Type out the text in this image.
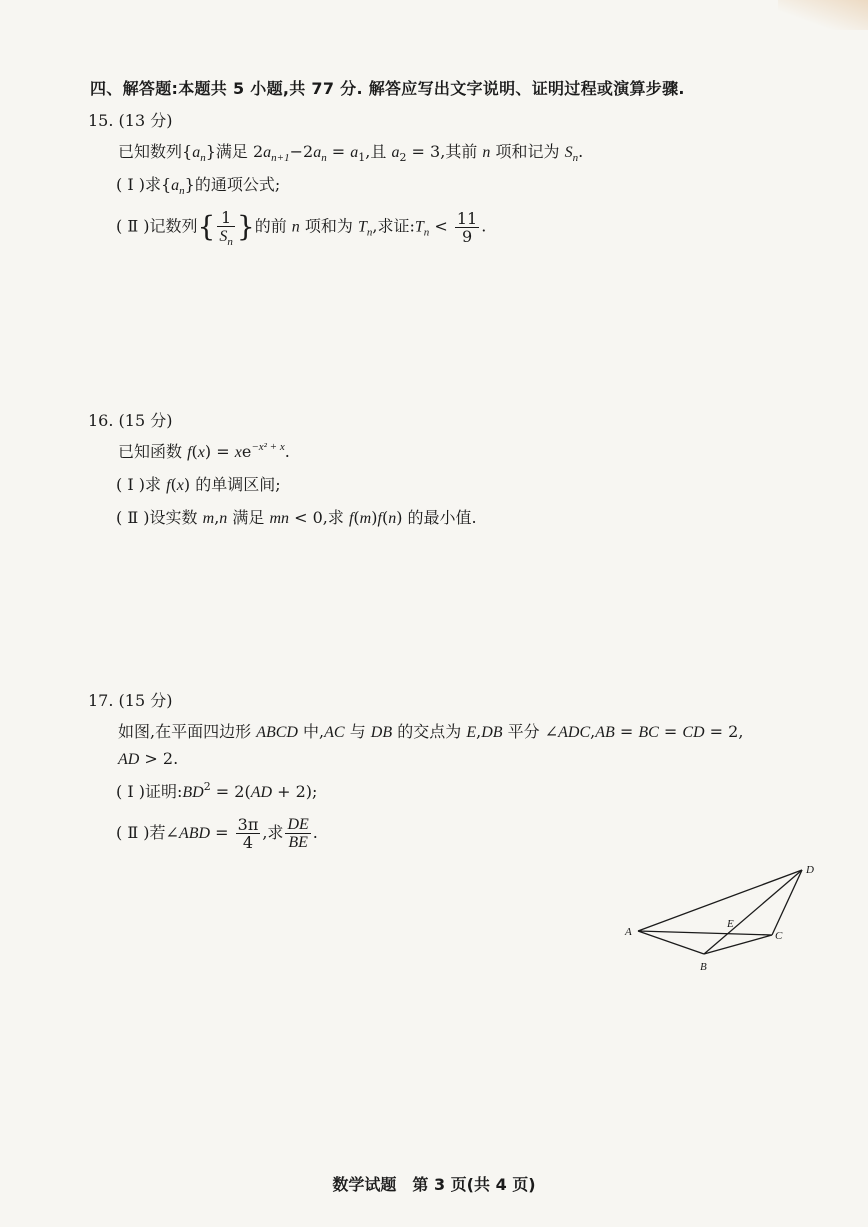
四、解答题:本题共 5 小题,共 77 分. 解答应写出文字说明、证明过程或演算步骤.
15. (13 分)
已知数列$\{a_n\}$满足 $2a_{n+1}-2a_n = a_1$,且 $a_2 = 3$,其前 n 项和记为 $S_n$.
( Ⅰ )求$\{a_n\}$的通项公式;
( Ⅱ )记数列{ $\frac{1}{S_n}$ }的前 n 项和为 $T_n$,求证$:T_n < \frac{11}{9}$ .
16. (15 分)
已知函数 $f(x) = xe^{-x^2 + x}$.
( Ⅰ )求 f(x) 的单调区间;
( Ⅱ )设实数 m,n 满足 mn < 0,求 f(m)f(n) 的最小值.
17. (15 分)
如图,在平面四边形 ABCD 中,AC 与 DB 的交点为 E,DB 平分 ∠ADC,AB = BC = CD = 2,
AD > 2.
( Ⅰ )证明$:BD^2 = 2(AD + 2)$;
( Ⅱ )若∠ABD = $\frac{3\pi}{4}$ ,求 $\frac{DE}{BE}$ .
A
B
C
D
E
数学试题　第 3 页(共 4 页)
